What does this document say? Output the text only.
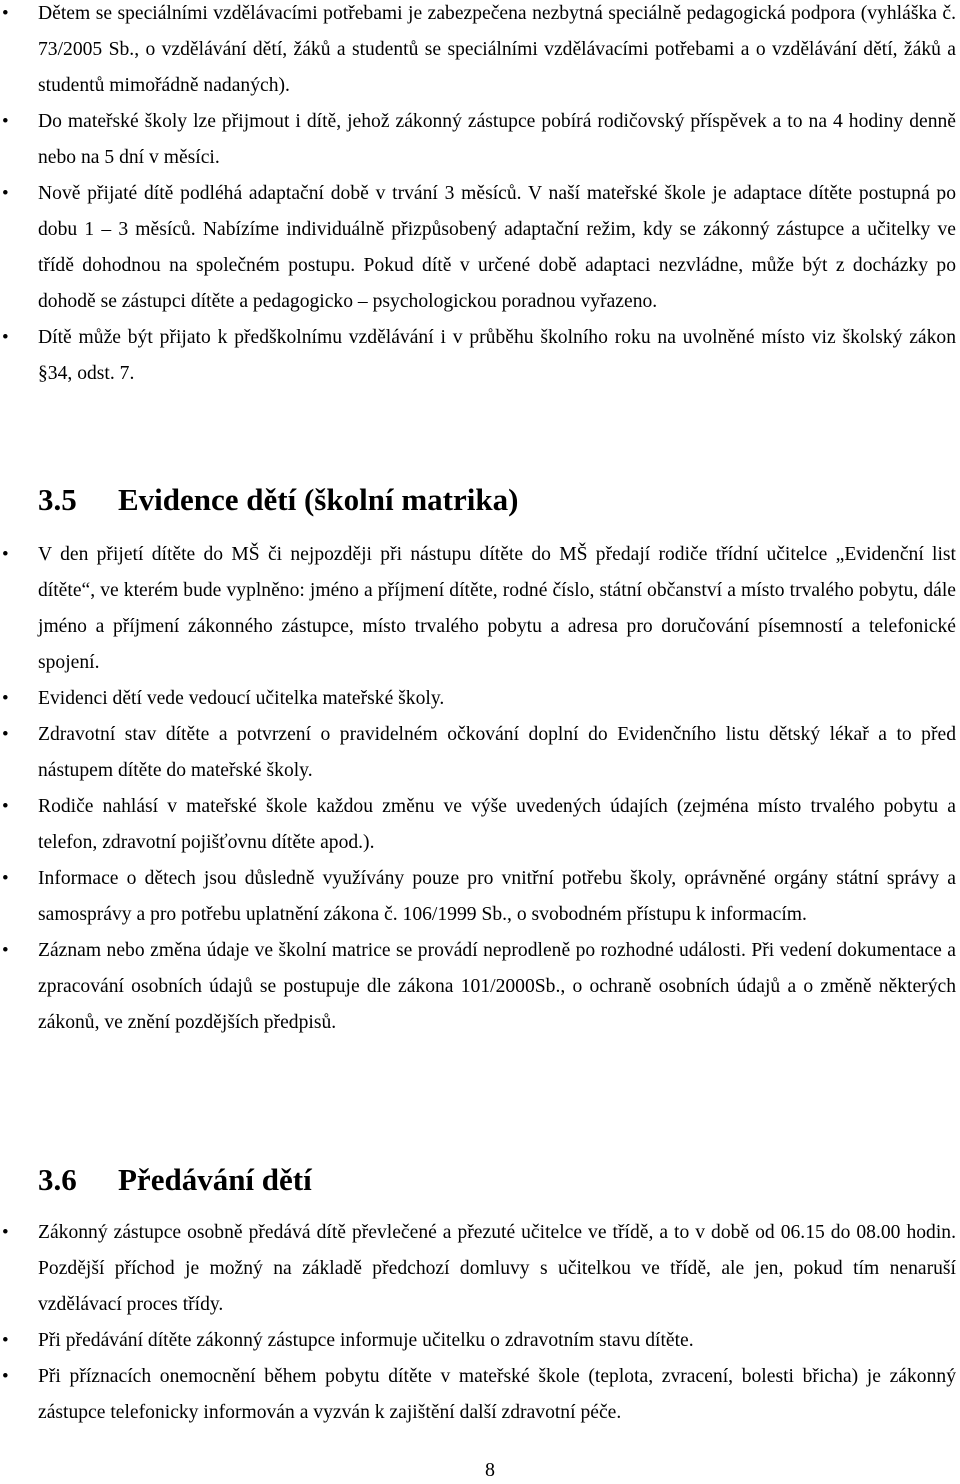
• Dětem se speciálními vzdělávacími potřebami je zabezpečena nezbytná speciálně pedagogická podpora (vyhláška č. 73/2005 Sb., o vzdělávání dětí, žáků a studentů se speciálními vzdělávacími potřebami a o vzdělávání dětí, žáků a studentů mimořádně nadaných).
• Do mateřské školy lze přijmout i dítě, jehož zákonný zástupce pobírá rodičovský příspěvek a to na 4 hodiny denně nebo na 5 dní v měsíci.
• Nově přijaté dítě podléhá adaptační době v trvání 3 měsíců. V naší mateřské škole je adaptace dítěte postupná po dobu 1 – 3 měsíců. Nabízíme individuálně přizpůsobený adaptační režim, kdy se zákonný zástupce a učitelky ve třídě dohodnou na společném postupu. Pokud dítě v určené době adaptaci nezvládne, může být z docházky po dohodě se zástupci dítěte a pedagogicko – psychologickou poradnou vyřazeno.
• Dítě může být přijato k předškolnímu vzdělávání i v průběhu školního roku na uvolněné místo viz školský zákon §34, odst. 7.
3.5 Evidence dětí (školní matrika)
• V den přijetí dítěte do MŠ či nejpozději při nástupu dítěte do MŠ předají rodiče třídní učitelce „Evidenční list dítěte“, ve kterém bude vyplněno: jméno a příjmení dítěte, rodné číslo, státní občanství a místo trvalého pobytu, dále jméno a příjmení zákonného zástupce, místo trvalého pobytu a adresa pro doručování písemností a telefonické spojení.
• Evidenci dětí vede vedoucí učitelka mateřské školy.
• Zdravotní stav dítěte a potvrzení o pravidelném očkování doplní do Evidenčního listu dětský lékař a to před nástupem dítěte do mateřské školy.
• Rodiče nahlásí v mateřské škole každou změnu ve výše uvedených údajích (zejména místo trvalého pobytu a telefon, zdravotní pojišťovnu dítěte apod.).
• Informace o dětech jsou důsledně využívány pouze pro vnitřní potřebu školy, oprávněné orgány státní správy a samosprávy a pro potřebu uplatnění zákona č. 106/1999 Sb., o svobodném přístupu k informacím.
• Záznam nebo změna údaje ve školní matrice se provádí neprodleně po rozhodné události. Při vedení dokumentace a zpracování osobních údajů se postupuje dle zákona 101/2000Sb., o ochraně osobních údajů a o změně některých zákonů, ve znění pozdějších předpisů.
3.6 Předávání dětí
• Zákonný zástupce osobně předává dítě převlečené a přezuté učitelce ve třídě, a to v době od 06.15 do 08.00 hodin. Pozdější příchod je možný na základě předchozí domluvy s učitelkou ve třídě, ale jen, pokud tím nenaruší vzdělávací proces třídy.
• Při předávání dítěte zákonný zástupce informuje učitelku o zdravotním stavu dítěte.
• Při příznacích onemocnění během pobytu dítěte v mateřské škole (teplota, zvracení, bolesti břicha) je zákonný zástupce telefonicky informován a vyzván k zajištění další zdravotní péče.
8
